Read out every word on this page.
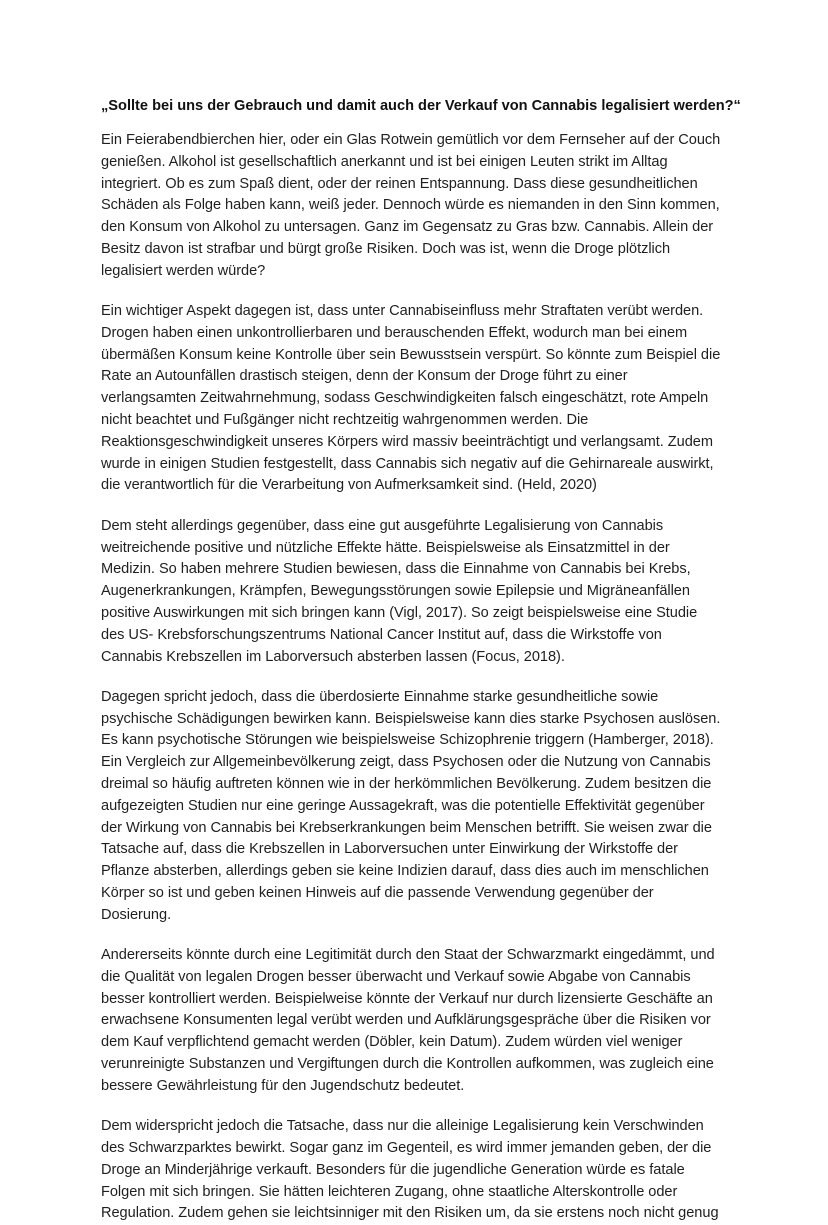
„Sollte bei uns der Gebrauch und damit auch der Verkauf von Cannabis legalisiert werden?“

Ein Feierabendbierchen hier, oder ein Glas Rotwein gemütlich vor dem Fernseher auf der Couch
genießen. Alkohol ist gesellschaftlich anerkannt und ist bei einigen Leuten strikt im Alltag
integriert. Ob es zum Spaß dient, oder der reinen Entspannung. Dass diese gesundheitlichen
Schäden als Folge haben kann, weiß jeder. Dennoch würde es niemanden in den Sinn kommen,
den Konsum von Alkohol zu untersagen. Ganz im Gegensatz zu Gras bzw. Cannabis. Allein der
Besitz davon ist strafbar und bürgt große Risiken. Doch was ist, wenn die Droge plötzlich
legalisiert werden würde?

Ein wichtiger Aspekt dagegen ist, dass unter Cannabiseinfluss mehr Straftaten verübt werden.
Drogen haben einen unkontrollierbaren und berauschenden Effekt, wodurch man bei einem
übermäßen Konsum keine Kontrolle über sein Bewusstsein verspürt. So könnte zum Beispiel die
Rate an Autounfällen drastisch steigen, denn der Konsum der Droge führt zu einer
verlangsamten Zeitwahrnehmung, sodass Geschwindigkeiten falsch eingeschätzt, rote Ampeln
nicht beachtet und Fußgänger nicht rechtzeitig wahrgenommen werden. Die
Reaktionsgeschwindigkeit unseres Körpers wird massiv beeinträchtigt und verlangsamt. Zudem
wurde in einigen Studien festgestellt, dass Cannabis sich negativ auf die Gehirnareale auswirkt,
die verantwortlich für die Verarbeitung von Aufmerksamkeit sind. (Held, 2020)

Dem steht allerdings gegenüber, dass eine gut ausgeführte Legalisierung von Cannabis
weitreichende positive und nützliche Effekte hätte. Beispielsweise als Einsatzmittel in der
Medizin. So haben mehrere Studien bewiesen, dass die Einnahme von Cannabis bei Krebs,
Augenerkrankungen, Krämpfen, Bewegungsstörungen sowie Epilepsie und Migräneanfällen
positive Auswirkungen mit sich bringen kann (Vigl, 2017). So zeigt beispielsweise eine Studie
des US- Krebsforschungszentrums National Cancer Institut auf, dass die Wirkstoffe von
Cannabis Krebszellen im Laborversuch absterben lassen (Focus, 2018).

Dagegen spricht jedoch, dass die überdosierte Einnahme starke gesundheitliche sowie
psychische Schädigungen bewirken kann. Beispielsweise kann dies starke Psychosen auslösen.
Es kann psychotische Störungen wie beispielsweise Schizophrenie triggern (Hamberger, 2018).
Ein Vergleich zur Allgemeinbevölkerung zeigt, dass Psychosen oder die Nutzung von Cannabis
dreimal so häufig auftreten können wie in der herkömmlichen Bevölkerung. Zudem besitzen die
aufgezeigten Studien nur eine geringe Aussagekraft, was die potentielle Effektivität gegenüber
der Wirkung von Cannabis bei Krebserkrankungen beim Menschen betrifft. Sie weisen zwar die
Tatsache auf, dass die Krebszellen in Laborversuchen unter Einwirkung der Wirkstoffe der
Pflanze absterben, allerdings geben sie keine Indizien darauf, dass dies auch im menschlichen
Körper so ist und geben keinen Hinweis auf die passende Verwendung gegenüber der
Dosierung.

Andererseits könnte durch eine Legitimität durch den Staat der Schwarzmarkt eingedämmt, und
die Qualität von legalen Drogen besser überwacht und Verkauf sowie Abgabe von Cannabis
besser kontrolliert werden. Beispielweise könnte der Verkauf nur durch lizensierte Geschäfte an
erwachsene Konsumenten legal verübt werden und Aufklärungsgespräche über die Risiken vor
dem Kauf verpflichtend gemacht werden (Döbler, kein Datum). Zudem würden viel weniger
verunreinigte Substanzen und Vergiftungen durch die Kontrollen aufkommen, was zugleich eine
bessere Gewährleistung für den Jugendschutz bedeutet.

Dem widerspricht jedoch die Tatsache, dass nur die alleinige Legalisierung kein Verschwinden
des Schwarzparktes bewirkt. Sogar ganz im Gegenteil, es wird immer jemanden geben, der die
Droge an Minderjährige verkauft. Besonders für die jugendliche Generation würde es fatale
Folgen mit sich bringen. Sie hätten leichteren Zugang, ohne staatliche Alterskontrolle oder
Regulation. Zudem gehen sie leichtsinniger mit den Risiken um, da sie erstens noch nicht genug
